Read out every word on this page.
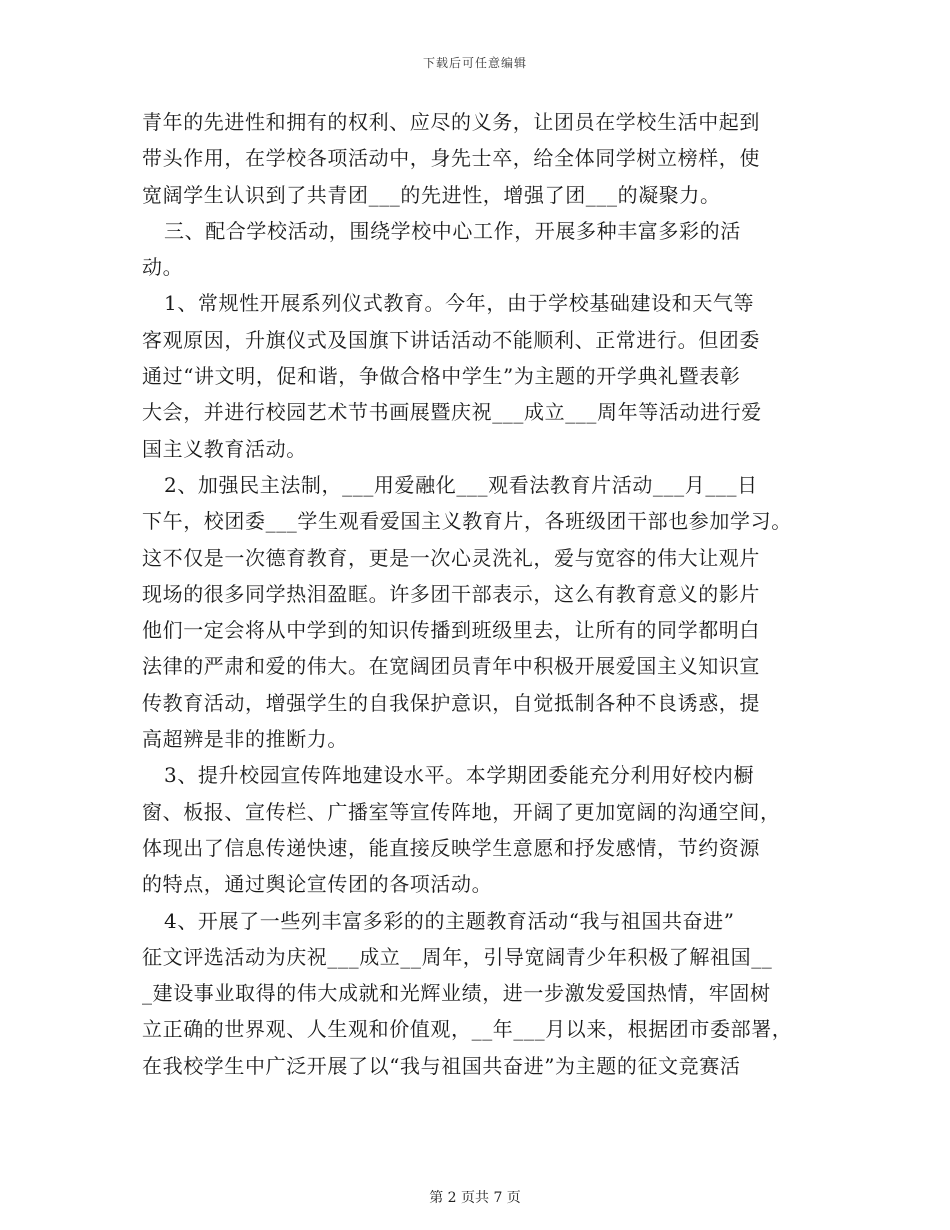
下载后可任意编辑
青年的先进性和拥有的权利、应尽的义务，让团员在学校生活中起到
带头作用，在学校各项活动中，身先士卒，给全体同学树立榜样，使
宽阔学生认识到了共青团___的先进性，增强了团___的凝聚力。
三、配合学校活动，围绕学校中心工作，开展多种丰富多彩的活
动。
1、常规性开展系列仪式教育。今年，由于学校基础建设和天气等
客观原因，升旗仪式及国旗下讲话活动不能顺利、正常进行。但团委
通过“讲文明，促和谐，争做合格中学生”为主题的开学典礼暨表彰
大会，并进行校园艺术节书画展暨庆祝___成立___周年等活动进行爱
国主义教育活动。
2、加强民主法制，___用爱融化___观看法教育片活动___月___日
下午，校团委___学生观看爱国主义教育片，各班级团干部也参加学习。
这不仅是一次德育教育，更是一次心灵洗礼，爱与宽容的伟大让观片
现场的很多同学热泪盈眶。许多团干部表示，这么有教育意义的影片
他们一定会将从中学到的知识传播到班级里去，让所有的同学都明白
法律的严肃和爱的伟大。在宽阔团员青年中积极开展爱国主义知识宣
传教育活动，增强学生的自我保护意识，自觉抵制各种不良诱惑，提
高超辨是非的推断力。
3、提升校园宣传阵地建设水平。本学期团委能充分利用好校内橱
窗、板报、宣传栏、广播室等宣传阵地，开阔了更加宽阔的沟通空间，
体现出了信息传递快速，能直接反映学生意愿和抒发感情，节约资源
的特点，通过舆论宣传团的各项活动。
4、开展了一些列丰富多彩的的主题教育活动“我与祖国共奋进”
征文评选活动为庆祝___成立__周年，引导宽阔青少年积极了解祖国__
_建设事业取得的伟大成就和光辉业绩，进一步激发爱国热情，牢固树
立正确的世界观、人生观和价值观，__年___月以来，根据团市委部署，
在我校学生中广泛开展了以“我与祖国共奋进”为主题的征文竞赛活
第 2 页共 7 页
